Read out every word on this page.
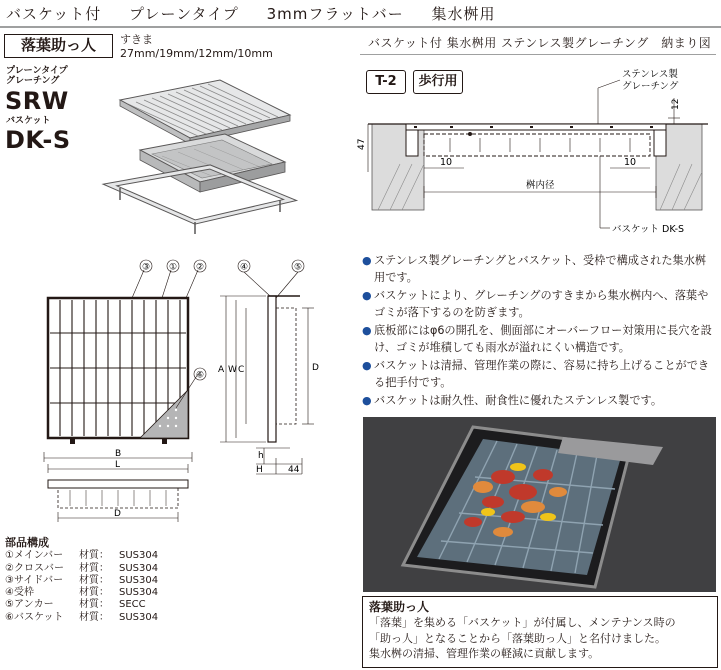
バスケット付 プレーンタイプ 3mmフラットバー 集水桝用
落葉助っ人	すきま
27mm/19mm/12mm/10mm
プレーンタイプ
グレーチング
SRW
バスケット
DK-S
バスケット付 集水桝用 ステンレス製グレーチング　納まり図
T-2	歩行用	ステンレス製
グレーチング
12
47
10	10
桝内径
バスケット DK-S
③ ① ②	④	⑤
⑥
B
L
D
A W C	D
h
H	44
● ステンレス製グレーチングとバスケット、受枠で構成された集水桝用です。
● バスケットにより、グレーチングのすきまから集水桝内へ、落葉やゴミが落下するのを防ぎます。
● 底板部にはφ6の開孔を、側面部にオーバーフロー対策用に長穴を設け、ゴミが堆積しても雨水が溢れにくい構造です。
● バスケットは清掃、管理作業の際に、容易に持ち上げることができる把手付です。
● バスケットは耐久性、耐食性に優れたステンレス製です。
部品構成
①メインバー	材質：	SUS304
②クロスバー	材質：	SUS304
③サイドバー	材質：	SUS304
④受枠	材質：	SUS304
⑤アンカー	材質：	SECC
⑥バスケット	材質：	SUS304
落葉助っ人
「落葉」を集める「バスケット」が付属し、メンテナンス時の
「助っ人」となることから「落葉助っ人」と名付けました。
集水桝の清掃、管理作業の軽減に貢献します。
